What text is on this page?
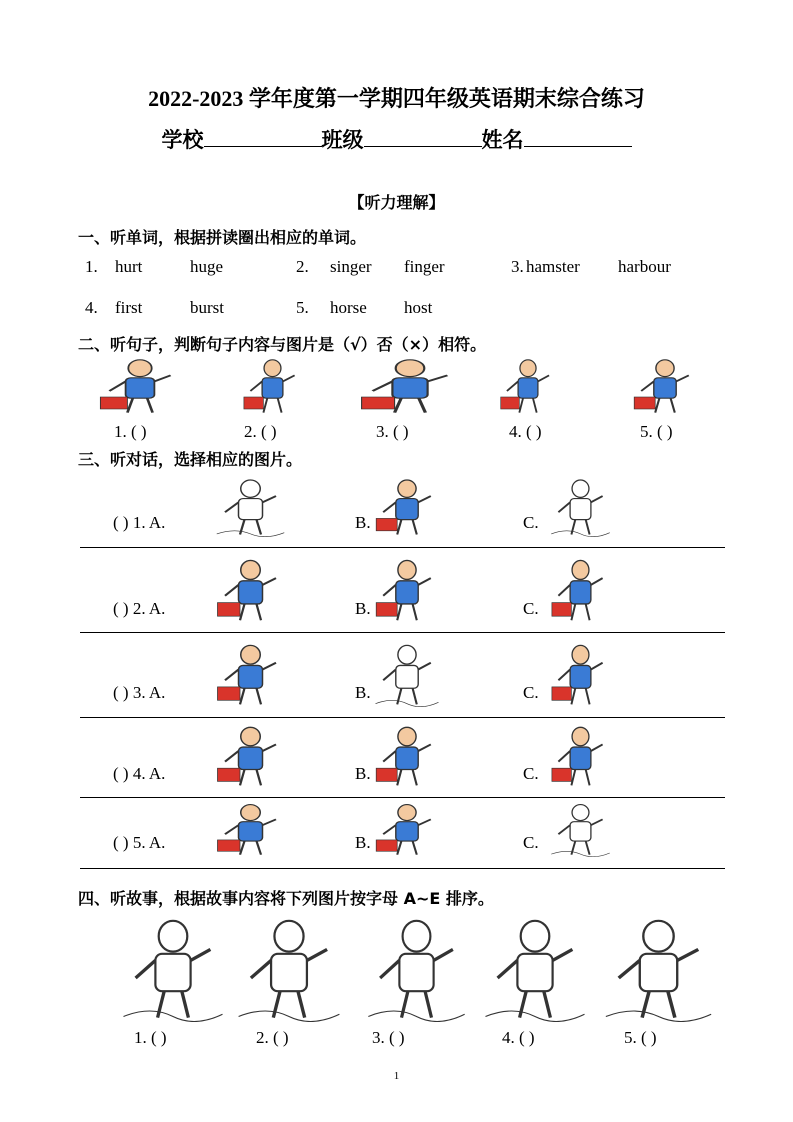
2022-2023 学年度第一学期四年级英语期末综合练习
学校	班级	姓名
【听力理解】
一、听单词，根据拼读圈出相应的单词。
1. hurt	huge	2. singer finger	3. hamster harbour
4. first	burst	5. horse host
二、听句子，判断句子内容与图片是（√）否（×）相符。
三、听对话，选择相应的图片。
四、听故事，根据故事内容将下列图片按字母 A~E 排序。
1
1. ( )	2. ( )	3. ( )	4. ( )	5. ( )
( ) 1. A.	B.	C.
( ) 2. A.	B.	C.
( ) 3. A.	B.	C.
( ) 4. A.	B.	C.
( ) 5. A.	B.	C.
1. ( )	2. ( )	3. ( )	4. ( )	5. ( )
